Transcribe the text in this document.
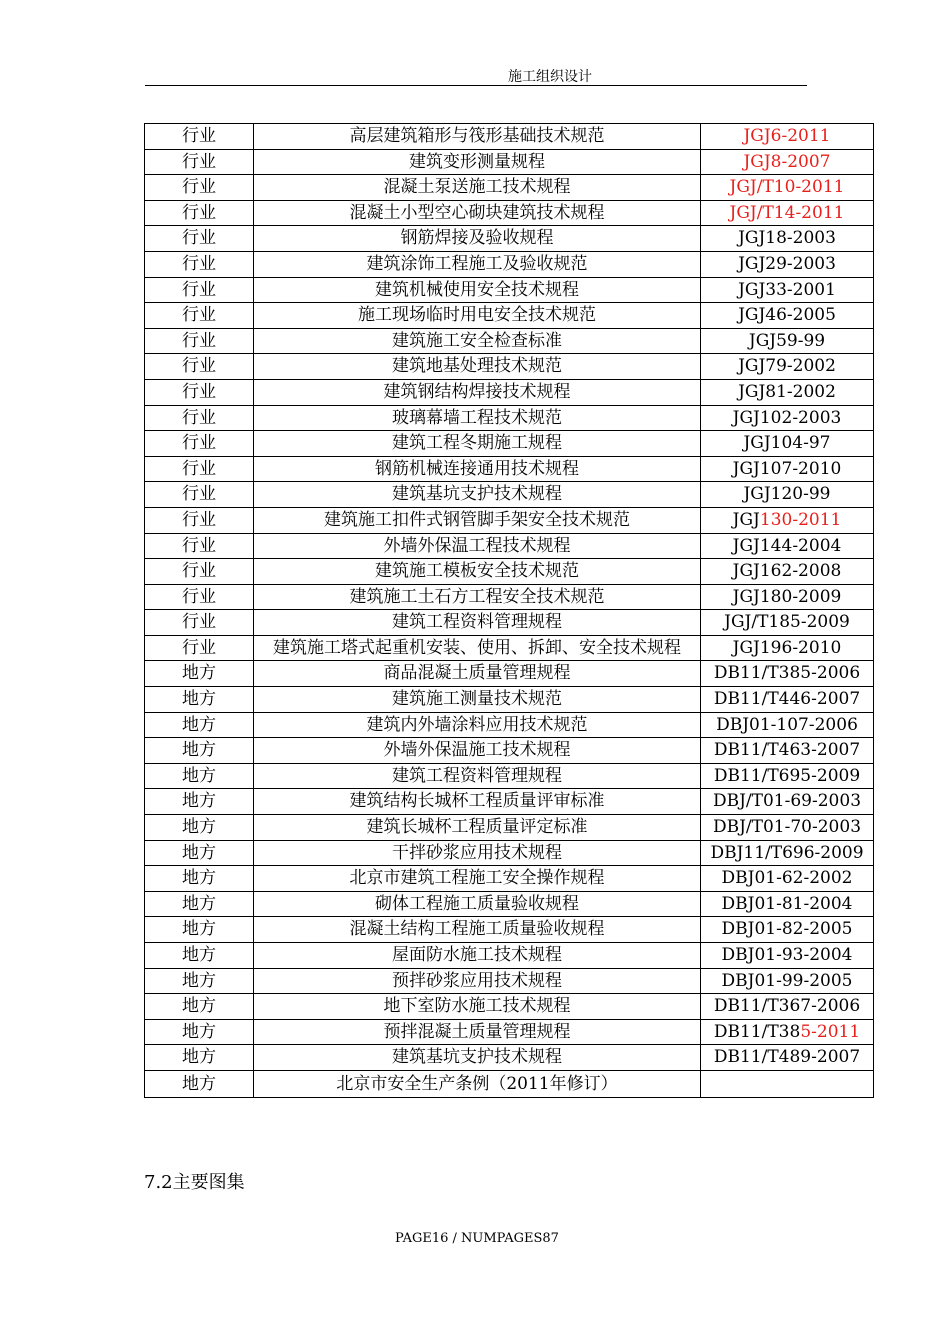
施工组织设计
行业	高层建筑箱形与筏形基础技术规范	JGJ6-2011
行业	建筑变形测量规程	JGJ8-2007
行业	混凝土泵送施工技术规程	JGJ/T10-2011
行业	混凝土小型空心砌块建筑技术规程	JGJ/T14-2011
行业	钢筋焊接及验收规程	JGJ18-2003
行业	建筑涂饰工程施工及验收规范	JGJ29-2003
行业	建筑机械使用安全技术规程	JGJ33-2001
行业	施工现场临时用电安全技术规范	JGJ46-2005
行业	建筑施工安全检查标准	JGJ59-99
行业	建筑地基处理技术规范	JGJ79-2002
行业	建筑钢结构焊接技术规程	JGJ81-2002
行业	玻璃幕墙工程技术规范	JGJ102-2003
行业	建筑工程冬期施工规程	JGJ104-97
行业	钢筋机械连接通用技术规程	JGJ107-2010
行业	建筑基坑支护技术规程	JGJ120-99
行业	建筑施工扣件式钢管脚手架安全技术规范	JGJ130-2011
行业	外墙外保温工程技术规程	JGJ144-2004
行业	建筑施工模板安全技术规范	JGJ162-2008
行业	建筑施工土石方工程安全技术规范	JGJ180-2009
行业	建筑工程资料管理规程	JGJ/T185-2009
行业	建筑施工塔式起重机安装、使用、拆卸、安全技术规程	JGJ196-2010
地方	商品混凝土质量管理规程	DB11/T385-2006
地方	建筑施工测量技术规范	DB11/T446-2007
地方	建筑内外墙涂料应用技术规范	DBJ01-107-2006
地方	外墙外保温施工技术规程	DB11/T463-2007
地方	建筑工程资料管理规程	DB11/T695-2009
地方	建筑结构长城杯工程质量评审标准	DBJ/T01-69-2003
地方	建筑长城杯工程质量评定标准	DBJ/T01-70-2003
地方	干拌砂浆应用技术规程	DBJ11/T696-2009
地方	北京市建筑工程施工安全操作规程	DBJ01-62-2002
地方	砌体工程施工质量验收规程	DBJ01-81-2004
地方	混凝土结构工程施工质量验收规程	DBJ01-82-2005
地方	屋面防水施工技术规程	DBJ01-93-2004
地方	预拌砂浆应用技术规程	DBJ01-99-2005
地方	地下室防水施工技术规程	DB11/T367-2006
地方	预拌混凝土质量管理规程	DB11/T385-2011
地方	建筑基坑支护技术规程	DB11/T489-2007
地方	北京市安全生产条例（2011年修订）	
7.2主要图集
PAGE16 / NUMPAGES87
